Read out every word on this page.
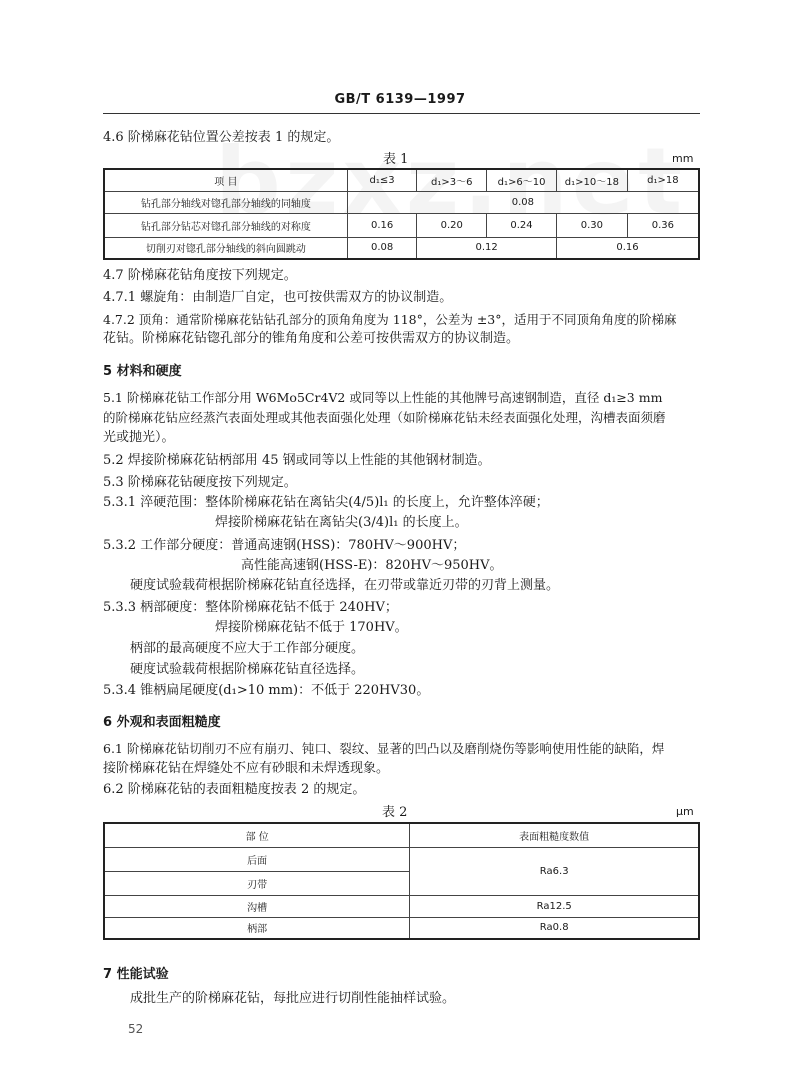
GB/T 6139—1997
4.6 阶梯麻花钻位置公差按表 1 的规定。
表 1	mm
项 目	d₁≤3	d₁>3～6	d₁>6～10	d₁>10～18	d₁>18
钻孔部分轴线对锪孔部分轴线的同轴度	0.08				
钻孔部分钻芯对锪孔部分轴线的对称度	0.16	0.20	0.24	0.30	0.36
切削刃对锪孔部分轴线的斜向圆跳动	0.08	0.12		0.16	
4.7 阶梯麻花钻角度按下列规定。
4.7.1 螺旋角：由制造厂自定，也可按供需双方的协议制造。
4.7.2 顶角：通常阶梯麻花钻钻孔部分的顶角角度为 118°，公差为 ±3°，适用于不同顶角角度的阶梯麻
花钻。阶梯麻花钻锪孔部分的锥角角度和公差可按供需双方的协议制造。
5 材料和硬度
5.1 阶梯麻花钻工作部分用 W6Mo5Cr4V2 或同等以上性能的其他牌号高速钢制造，直径 d₁≥3 mm
的阶梯麻花钻应经蒸汽表面处理或其他表面强化处理（如阶梯麻花钻未经表面强化处理，沟槽表面须磨
光或抛光）。
5.2 焊接阶梯麻花钻柄部用 45 钢或同等以上性能的其他钢材制造。
5.3 阶梯麻花钻硬度按下列规定。
5.3.1 淬硬范围：整体阶梯麻花钻在离钻尖(4/5)l₁ 的长度上，允许整体淬硬；
焊接阶梯麻花钻在离钻尖(3/4)l₁ 的长度上。
5.3.2 工作部分硬度：普通高速钢(HSS)：780HV～900HV；
高性能高速钢(HSS-E)：820HV～950HV。
硬度试验载荷根据阶梯麻花钻直径选择，在刃带或靠近刃带的刃背上测量。
5.3.3 柄部硬度：整体阶梯麻花钻不低于 240HV；
焊接阶梯麻花钻不低于 170HV。
柄部的最高硬度不应大于工作部分硬度。
硬度试验载荷根据阶梯麻花钻直径选择。
5.3.4 锥柄扁尾硬度(d₁>10 mm)：不低于 220HV30。
6 外观和表面粗糙度
6.1 阶梯麻花钻切削刃不应有崩刃、钝口、裂纹、显著的凹凸以及磨削烧伤等影响使用性能的缺陷，焊
接阶梯麻花钻在焊缝处不应有砂眼和未焊透现象。
6.2 阶梯麻花钻的表面粗糙度按表 2 的规定。
表 2	μm
部 位	表面粗糙度数值
后面	Ra6.3
刃带	
沟槽	Ra12.5
柄部	Ra0.8
7 性能试验
成批生产的阶梯麻花钻，每批应进行切削性能抽样试验。
52
